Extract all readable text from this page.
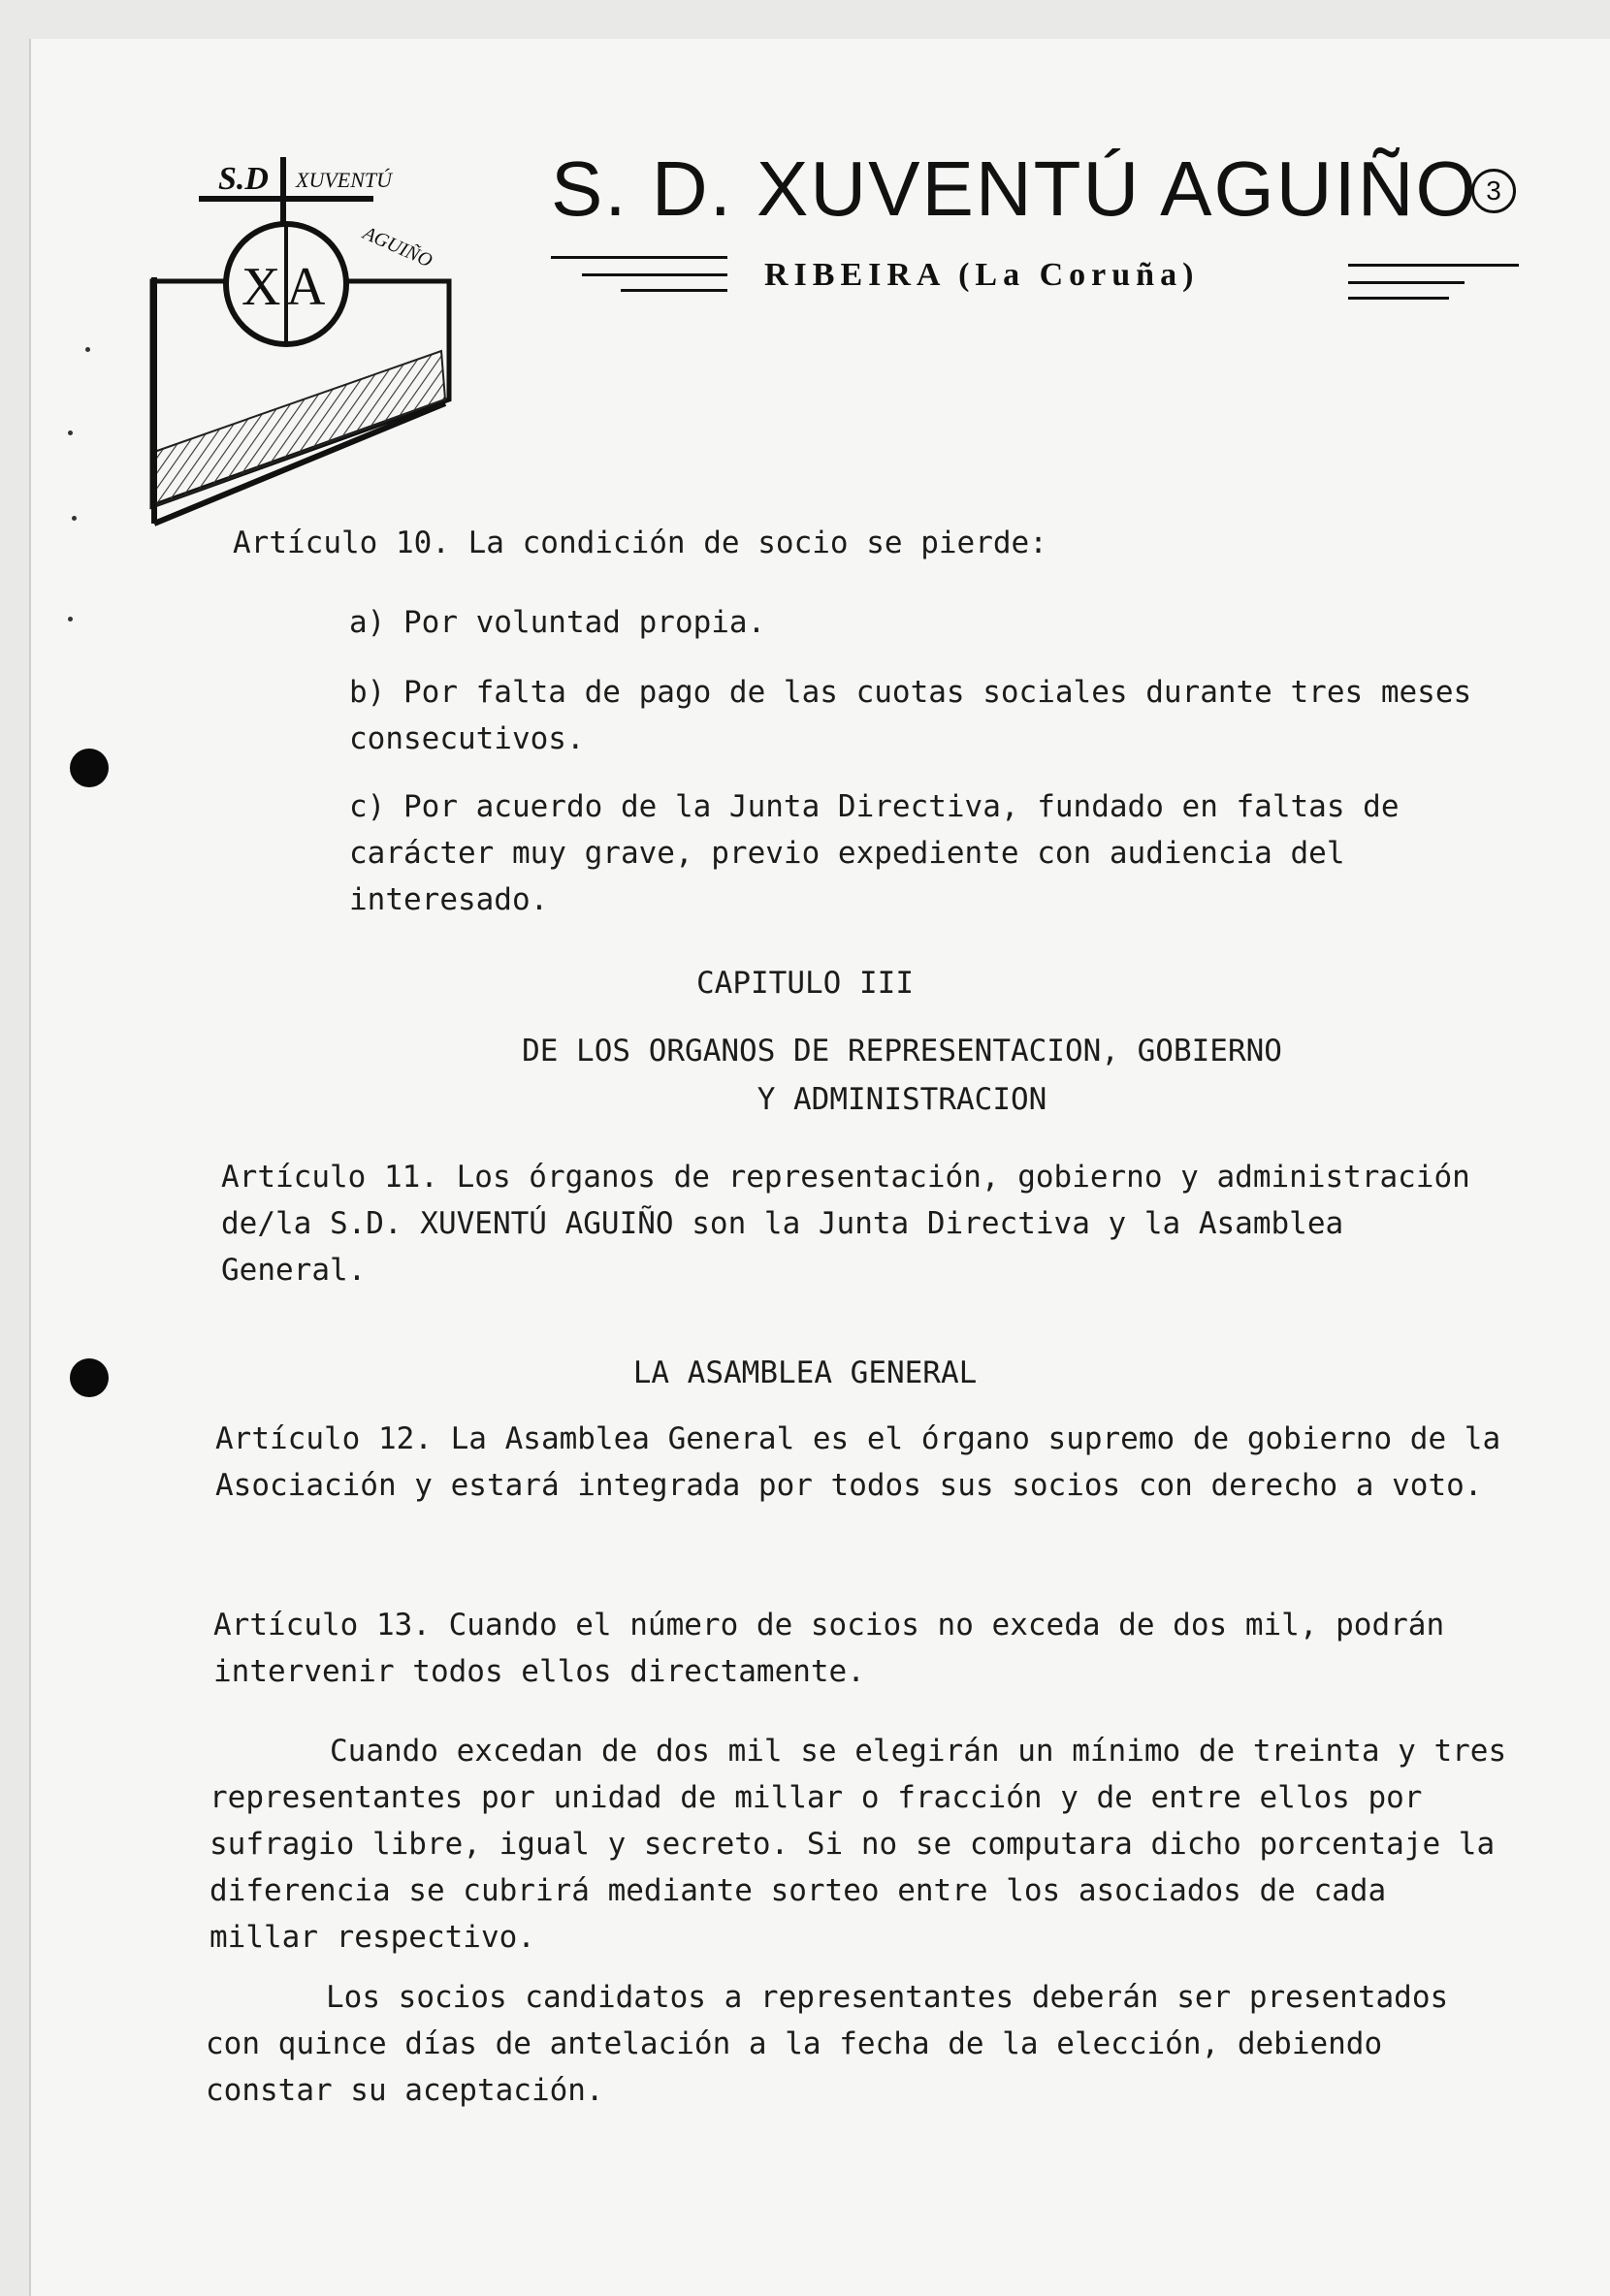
X A
S.D XUVENTÚ
AGUIÑO
S. D. XUVENTÚ AGUIÑO 3
RIBEIRA (La Coruña)
Artículo 10. La condición de socio se pierde:
a) Por voluntad propia.
b) Por falta de pago de las cuotas sociales durante tres meses consecutivos.
c) Por acuerdo de la Junta Directiva, fundado en faltas de carácter muy grave, previo expediente con audiencia del interesado.
CAPITULO III
DE LOS ORGANOS DE REPRESENTACION, GOBIERNO
Y ADMINISTRACION
Artículo 11. Los órganos de representación, gobierno y administración de/la S.D. XUVENTÚ AGUIÑO son la Junta Directiva y la Asamblea General.
LA ASAMBLEA GENERAL
Artículo 12. La Asamblea General es el órgano supremo de gobierno de la Asociación y estará integrada por todos sus socios con derecho a voto.
Artículo 13. Cuando el número de socios no exceda de dos mil, podrán intervenir todos ellos directamente.
Cuando excedan de dos mil se elegirán un mínimo de treinta y tres representantes por unidad de millar o fracción y de entre ellos por sufragio libre, igual y secreto. Si no se computara dicho porcentaje la diferencia se cubrirá mediante sorteo entre los asociados de cada millar respectivo.
Los socios candidatos a representantes deberán ser presentados con quince días de antelación a la fecha de la elección, debiendo constar su aceptación.
